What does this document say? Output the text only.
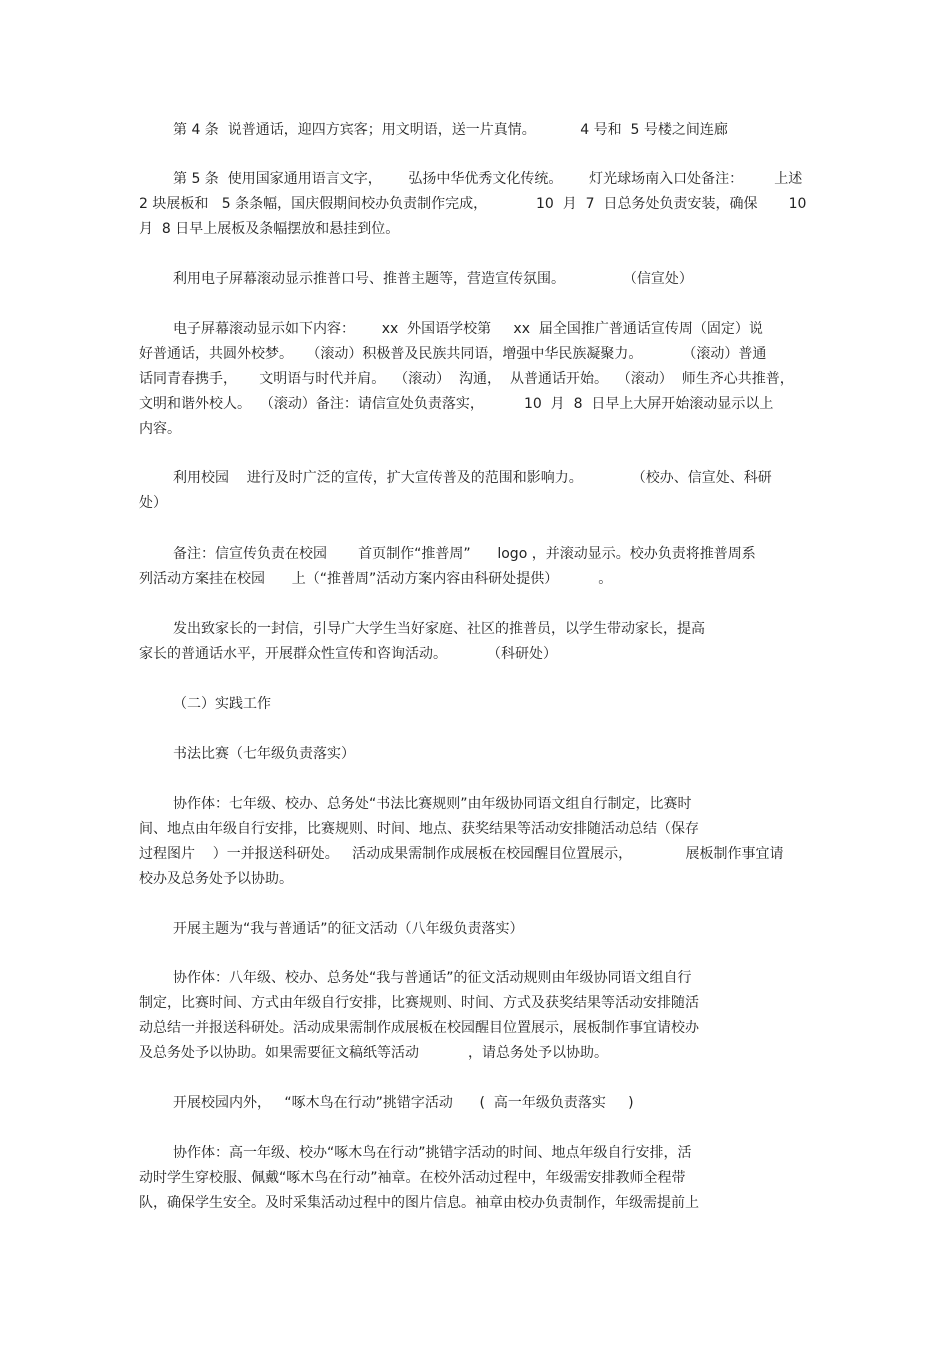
第 4 条  说普通话，迎四方宾客；用文明语，送一片真情。          4 号和  5 号楼之间连廊
第 5 条  使用国家通用语言文字，      弘扬中华优秀文化传统。      灯光球场南入口处备注：       上述
2 块展板和   5 条条幅，国庆假期间校办负责制作完成，           10  月  7  日总务处负责安装，确保       10
月  8 日早上展板及条幅摆放和悬挂到位。
利用电子屏幕滚动显示推普口号、推普主题等，营造宣传氛围。             （信宣处）
电子屏幕滚动显示如下内容：      xx  外国语学校第     xx  届全国推广普通话宣传周（固定）说
好普通话，共圆外校梦。   （滚动）积极普及民族共同语，增强中华民族凝聚力。         （滚动）普通
话同青春携手，     文明语与时代并肩。  （滚动）  沟通，  从普通话开始。  （滚动）  师生齐心共推普，
文明和谐外校人。  （滚动）备注：请信宣处负责落实，         10  月  8  日早上大屏开始滚动显示以上
内容。
利用校园    进行及时广泛的宣传，扩大宣传普及的范围和影响力。           （校办、信宣处、科研
处）
备注：信宣传负责在校园       首页制作“推普周”      logo ，并滚动显示。校办负责将推普周系
列活动方案挂在校园      上（“推普周”活动方案内容由科研处提供）         。
发出致家长的一封信，引导广大学生当好家庭、社区的推普员，以学生带动家长，提高
家长的普通话水平，开展群众性宣传和咨询活动。         （科研处）
（二）实践工作
书法比赛（七年级负责落实）
协作体：七年级、校办、总务处“书法比赛规则”由年级协同语文组自行制定，比赛时
间、地点由年级自行安排，比赛规则、时间、地点、获奖结果等活动安排随活动总结（保存
过程图片    ）一并报送科研处。   活动成果需制作成展板在校园醒目位置展示，            展板制作事宜请
校办及总务处予以协助。
开展主题为“我与普通话”的征文活动（八年级负责落实）
协作体：八年级、校办、总务处“我与普通话”的征文活动规则由年级协同语文组自行
制定，比赛时间、方式由年级自行安排，比赛规则、时间、方式及获奖结果等活动安排随活
动总结一并报送科研处。活动成果需制作成展板在校园醒目位置展示，展板制作事宜请校办
及总务处予以协助。如果需要征文稿纸等活动           ，请总务处予以协助。
开展校园内外，   “啄木鸟在行动”挑错字活动      (  高一年级负责落实     )
协作体：高一年级、校办“啄木鸟在行动”挑错字活动的时间、地点年级自行安排，活
动时学生穿校服、佩戴“啄木鸟在行动”袖章。在校外活动过程中，年级需安排教师全程带
队，确保学生安全。及时采集活动过程中的图片信息。袖章由校办负责制作，年级需提前上
